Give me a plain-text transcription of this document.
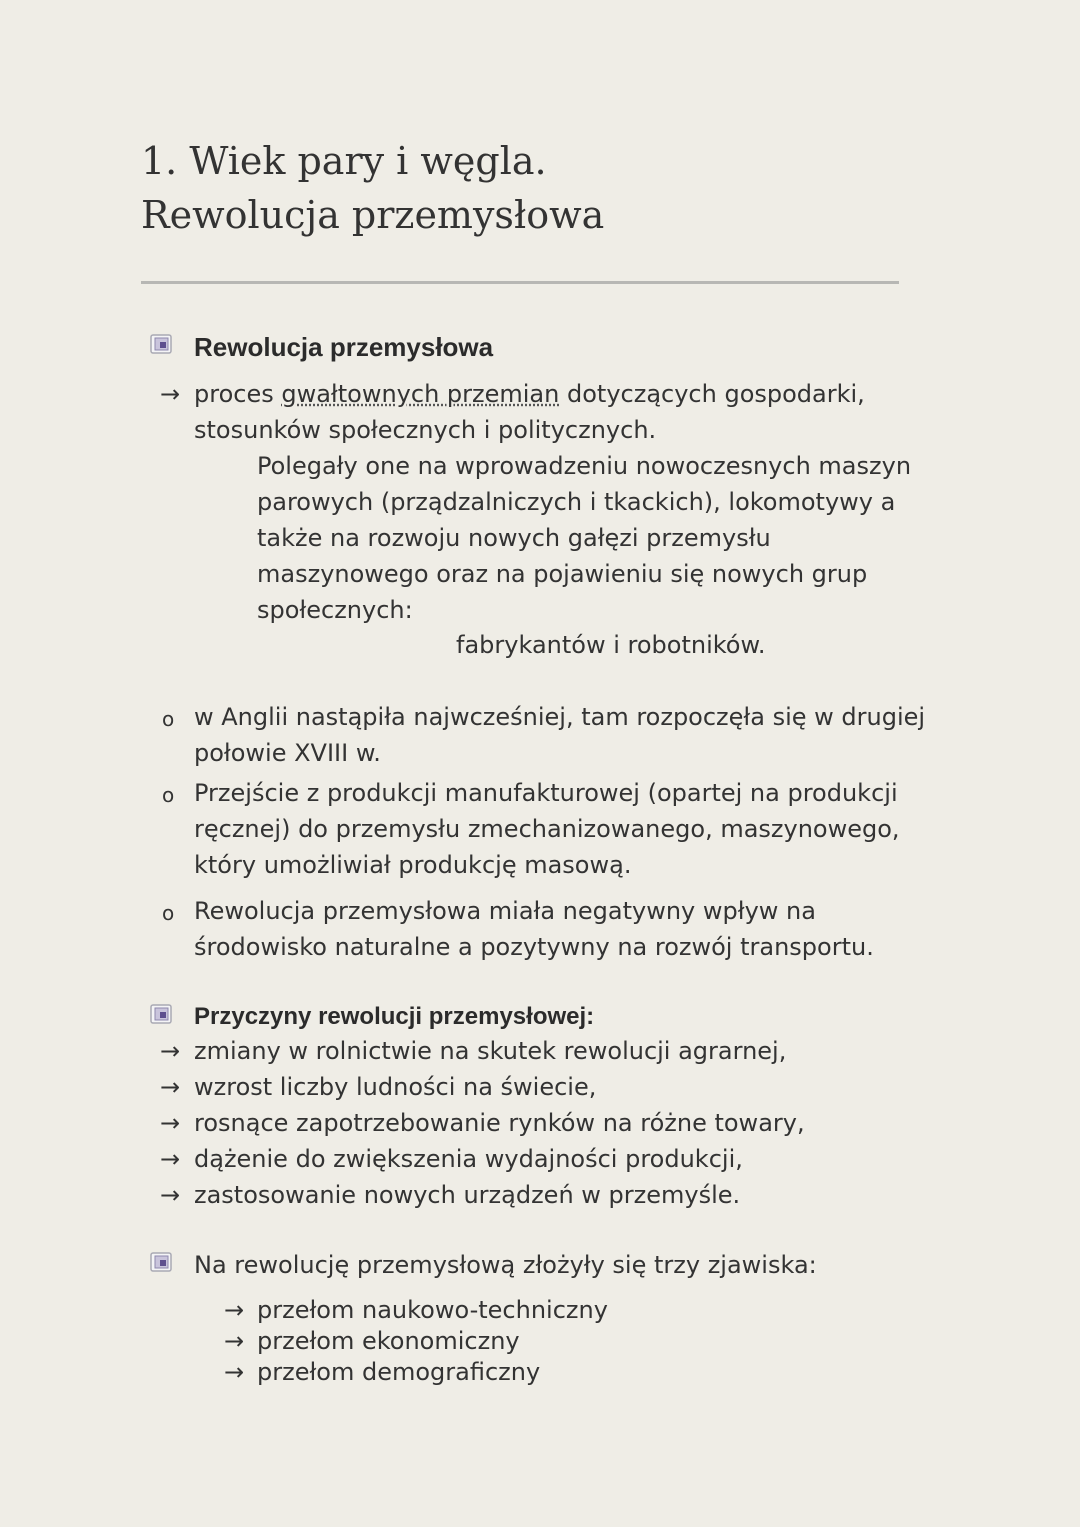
1. Wiek pary i węgla.
Rewolucja przemysłowa
Rewolucja przemysłowa
→ proces gwałtownych przemian dotyczących gospodarki,
stosunków społecznych i politycznych.
Polegały one na wprowadzeniu nowoczesnych maszyn
parowych (prządzalniczych i tkackich), lokomotywy a
także na rozwoju nowych gałęzi przemysłu
maszynowego oraz na pojawieniu się nowych grup
społecznych:
fabrykantów i robotników.
o w Anglii nastąpiła najwcześniej, tam rozpoczęła się w drugiej
połowie XVIII w.
o Przejście z produkcji manufakturowej (opartej na produkcji
ręcznej) do przemysłu zmechanizowanego, maszynowego,
który umożliwiał produkcję masową.
o Rewolucja przemysłowa miała negatywny wpływ na
środowisko naturalne a pozytywny na rozwój transportu.
Przyczyny rewolucji przemysłowej:
→ zmiany w rolnictwie na skutek rewolucji agrarnej,
→ wzrost liczby ludności na świecie,
→ rosnące zapotrzebowanie rynków na różne towary,
→ dążenie do zwiększenia wydajności produkcji,
→ zastosowanie nowych urządzeń w przemyśle.
Na rewolucję przemysłową złożyły się trzy zjawiska:
→ przełom naukowo-techniczny
→ przełom ekonomiczny
→ przełom demograficzny
